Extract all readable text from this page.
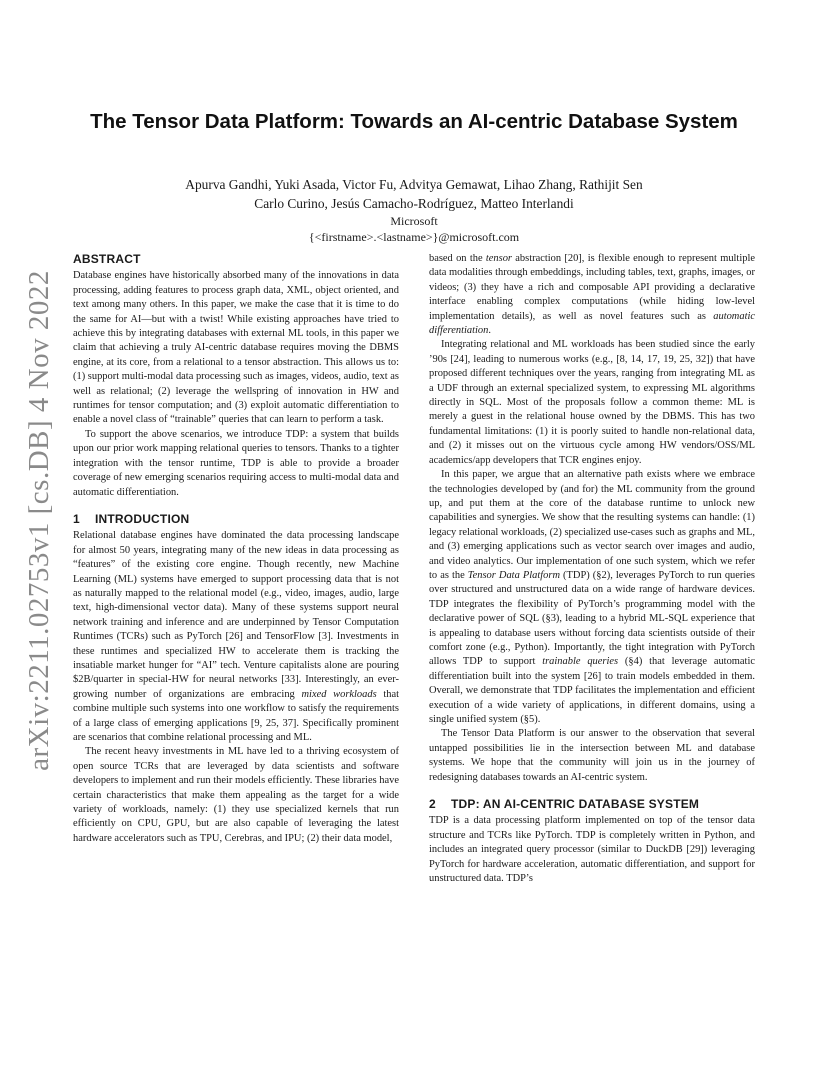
arXiv:2211.02753v1 [cs.DB] 4 Nov 2022
The Tensor Data Platform: Towards an AI-centric Database System
Apurva Gandhi, Yuki Asada, Victor Fu, Advitya Gemawat, Lihao Zhang, Rathijit Sen
Carlo Curino, Jesús Camacho-Rodríguez, Matteo Interlandi
Microsoft
{<firstname>.<lastname>}@microsoft.com
ABSTRACT

Database engines have historically absorbed many of the innovations in data processing, adding features to process graph data, XML, object oriented, and text among many others. In this paper, we make the case that it is time to do the same for AI—but with a twist! While existing approaches have tried to achieve this by integrating databases with external ML tools, in this paper we claim that achieving a truly AI-centric database requires moving the DBMS engine, at its core, from a relational to a tensor abstraction. This allows us to: (1) support multi-modal data processing such as images, videos, audio, text as well as relational; (2) leverage the wellspring of innovation in HW and runtimes for tensor computation; and (3) exploit automatic differentiation to enable a novel class of “trainable” queries that can learn to perform a task.

To support the above scenarios, we introduce TDP: a system that builds upon our prior work mapping relational queries to tensors. Thanks to a tighter integration with the tensor runtime, TDP is able to provide a broader coverage of new emerging scenarios requiring access to multi-modal data and automatic differentiation.

1 INTRODUCTION

Relational database engines have dominated the data processing landscape for almost 50 years, integrating many of the new ideas in data processing as “features” of the existing core engine. Though recently, new Machine Learning (ML) systems have emerged to support processing data that is not as naturally mapped to the relational model (e.g., video, images, audio, large text, high-dimensional vector data). Many of these systems support neural network training and inference and are underpinned by Tensor Computation Runtimes (TCRs) such as PyTorch [26] and TensorFlow [3]. Investments in these runtimes and specialized HW to accelerate them is tracking the insatiable market hunger for “AI” tech. Venture capitalists alone are pouring $2B/quarter in special-HW for neural networks [33]. Interestingly, an ever-growing number of organizations are embracing mixed workloads that combine multiple such systems into one workflow to satisfy the requirements of a large class of emerging applications [9, 25, 37]. Specifically prominent are scenarios that combine relational processing and ML.

The recent heavy investments in ML have led to a thriving ecosystem of open source TCRs that are leveraged by data scientists and software developers to implement and run their models efficiently. These libraries have certain characteristics that make them appealing as the target for a wide variety of workloads, namely: (1) they use specialized kernels that run efficiently on CPU, GPU, but are also capable of leveraging the latest hardware accelerators such as TPU, Cerebras, and IPU; (2) their data model,

based on the tensor abstraction [20], is flexible enough to represent multiple data modalities through embeddings, including tables, text, graphs, images, or videos; (3) they have a rich and composable API providing a declarative interface enabling complex computations (while hiding low-level implementation details), as well as novel features such as automatic differentiation.

Integrating relational and ML workloads has been studied since the early ’90s [24], leading to numerous works (e.g., [8, 14, 17, 19, 25, 32]) that have proposed different techniques over the years, ranging from integrating ML as a UDF through an external specialized system, to expressing ML algorithms directly in SQL. Most of the proposals follow a common theme: ML is merely a guest in the relational house owned by the DBMS. This has two fundamental limitations: (1) it is poorly suited to handle non-relational data, and (2) it misses out on the virtuous cycle among HW vendors/OSS/ML academics/app developers that TCR engines enjoy.

In this paper, we argue that an alternative path exists where we embrace the technologies developed by (and for) the ML community from the ground up, and put them at the core of the database runtime to unlock new capabilities and synergies. We show that the resulting systems can handle: (1) legacy relational workloads, (2) specialized use-cases such as graphs and ML, and (3) emerging applications such as vector search over images and audio, and video analytics. Our implementation of one such system, which we refer to as the Tensor Data Platform (TDP) (§2), leverages PyTorch to run queries over structured and unstructured data on a wide range of hardware devices. TDP integrates the flexibility of PyTorch’s programming model with the declarative power of SQL (§3), leading to a hybrid ML-SQL experience that is appealing to database users without forcing data scientists outside of their comfort zone (e.g., Python). Importantly, the tight integration with PyTorch allows TDP to support trainable queries (§4) that leverage automatic differentiation built into the system [26] to train models embedded in them. Overall, we demonstrate that TDP facilitates the implementation and efficient execution of a wide variety of applications, in different domains, using a single unified system (§5).

The Tensor Data Platform is our answer to the observation that several untapped possibilities lie in the intersection between ML and database systems. We hope that the community will join us in the journey of redesigning databases towards an AI-centric system.

2 TDP: AN AI-CENTRIC DATABASE SYSTEM

TDP is a data processing platform implemented on top of the tensor data structure and TCRs like PyTorch. TDP is completely written in Python, and includes an integrated query processor (similar to DuckDB [29]) leveraging PyTorch for hardware acceleration, automatic differentiation, and support for unstructured data. TDP’s
